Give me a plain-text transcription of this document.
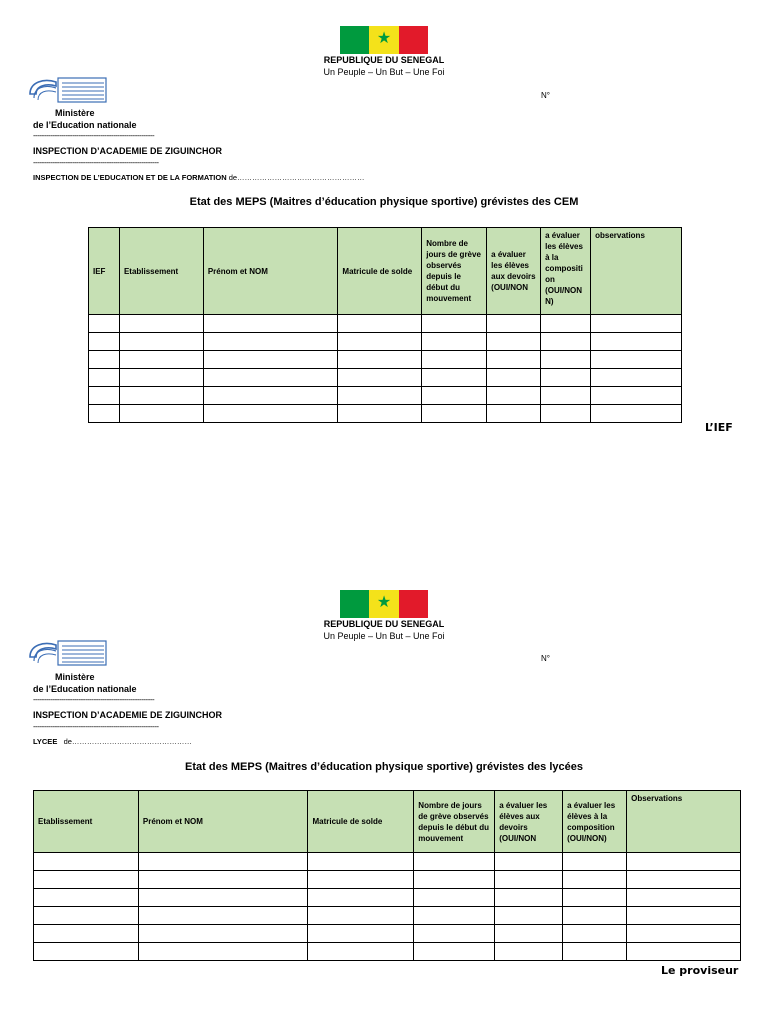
★
REPUBLIQUE DU SENEGAL
Un Peuple – Un But – Une Foi
N°
Ministère
de l’Education nationale
--------------------------------------------------------
INSPECTION D’ACADEMIE DE ZIGUINCHOR
----------------------------------------------------------
INSPECTION DE L’EDUCATION ET DE LA FORMATION de……………………………………………
Etat des MEPS (Maitres d’éducation physique sportive) grévistes des CEM
IEF	Etablissement	Prénom et NOM	Matricule de solde	Nombre de jours de grève observés depuis le début du mouvement	a évaluer les élèves aux devoirs (OUI/NON	a évaluer les élèves à la compositi on (OUI/NON N)	observations

L’IEF
★
REPUBLIQUE DU SENEGAL
Un Peuple – Un But – Une Foi
N°
Ministère
de l’Education nationale
--------------------------------------------------------
INSPECTION D’ACADEMIE DE ZIGUINCHOR
----------------------------------------------------------
LYCEE de…………………………………………
Etat des MEPS (Maitres d’éducation physique sportive) grévistes des lycées
Etablissement	Prénom et NOM	Matricule de solde	Nombre de jours de grève observés depuis le début du mouvement	a évaluer les élèves aux devoirs (OUI/NON	a évaluer les élèves à la composition (OUI/NON)	Observations

Le proviseur
